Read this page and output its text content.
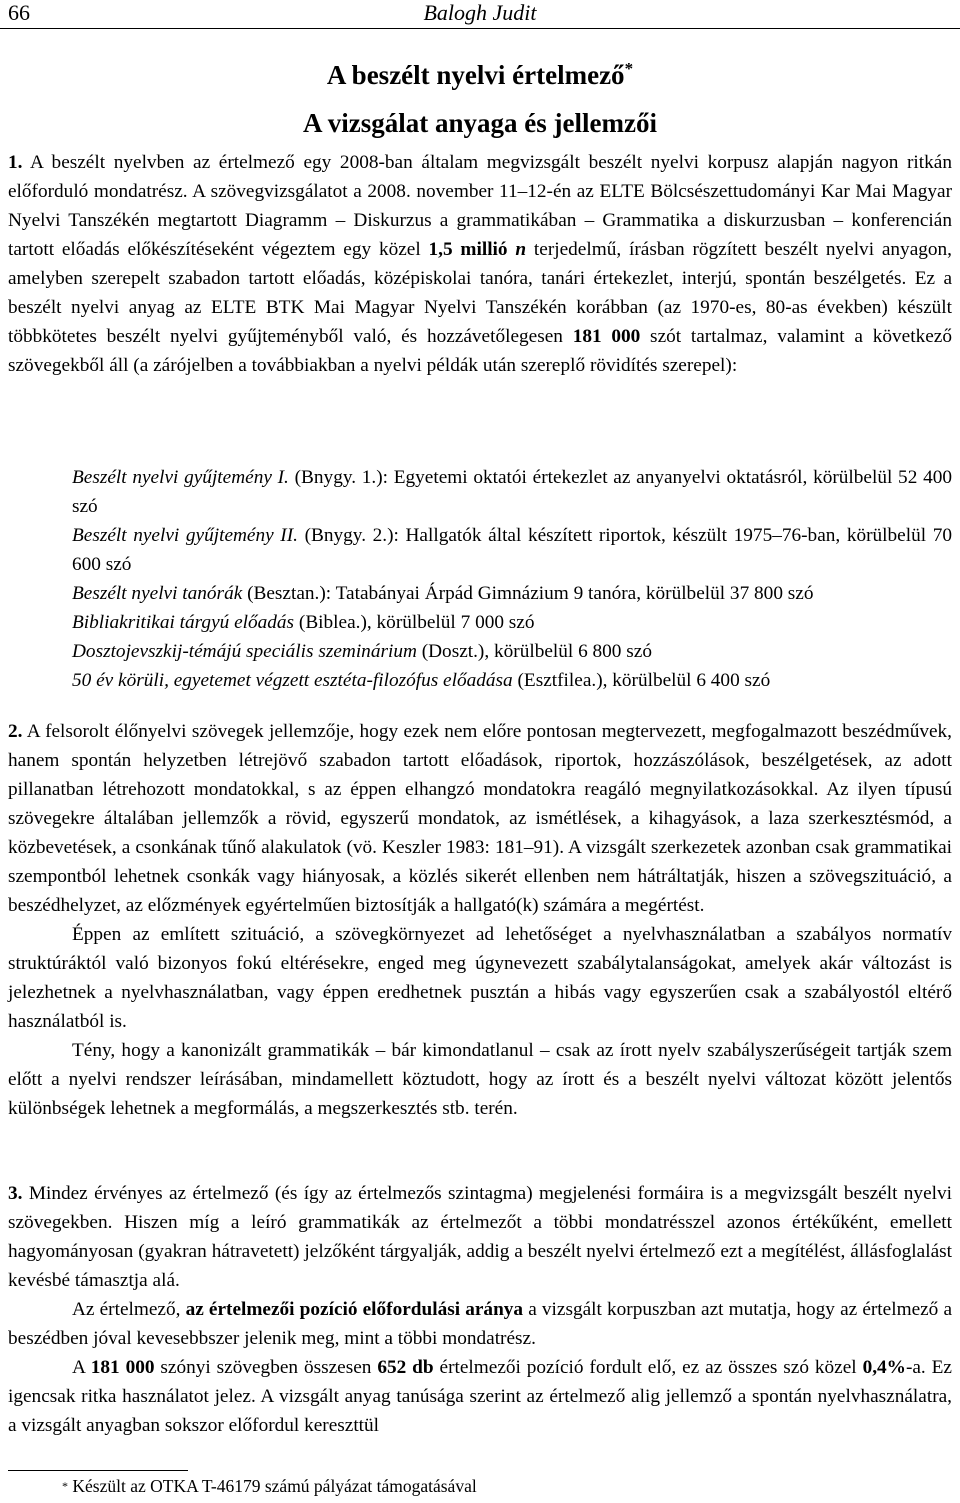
66	Balogh Judit
A beszélt nyelvi értelmező*
A vizsgálat anyaga és jellemzői

1. A beszélt nyelvben az értelmező egy 2008-ban általam megvizsgált beszélt nyelvi korpusz alapján nagyon ritkán előforduló mondatrész. A szövegvizsgálatot a 2008. november 11–12-én az ELTE Bölcsészettudományi Kar Mai Magyar Nyelvi Tanszékén megtartott Diagramm – Diskurzus a grammatikában – Grammatika a diskurzusban – konferencián tartott előadás előkészítéseként végeztem egy közel 1,5 millió n terjedelmű, írásban rögzített beszélt nyelvi anyagon, amelyben szerepelt szabadon tartott előadás, középiskolai tanóra, tanári értekezlet, interjú, spontán beszélgetés. Ez a beszélt nyelvi anyag az ELTE BTK Mai Magyar Nyelvi Tanszékén korábban (az 1970-es, 80-as években) készült többkötetes beszélt nyelvi gyűjteményből való, és hozzávetőlegesen 181 000 szót tartalmaz, valamint a következő szövegekből áll (a zárójelben a továbbiakban a nyelvi példák után szereplő rövidítés szerepel):

Beszélt nyelvi gyűjtemény I. (Bnygy. 1.): Egyetemi oktatói értekezlet az anyanyelvi oktatásról, körülbelül 52 400 szó

Beszélt nyelvi gyűjtemény II. (Bnygy. 2.): Hallgatók által készített riportok, készült 1975–76-ban, körülbelül 70 600 szó

Beszélt nyelvi tanórák (Besztan.): Tatabányai Árpád Gimnázium 9 tanóra, körülbelül 37 800 szó

Bibliakritikai tárgyú előadás (Biblea.), körülbelül 7 000 szó

Dosztojevszkij-témájú speciális szeminárium (Doszt.), körülbelül 6 800 szó

50 év körüli, egyetemet végzett esztéta-filozófus előadása (Esztfilea.), körülbelül 6 400 szó

2. A felsorolt élőnyelvi szövegek jellemzője, hogy ezek nem előre pontosan megtervezett, megfogalmazott beszédművek, hanem spontán helyzetben létrejövő szabadon tartott előadások, riportok, hozzászólások, beszélgetések, az adott pillanatban létrehozott mondatokkal, s az éppen elhangzó mondatokra reagáló megnyilatkozásokkal. Az ilyen típusú szövegekre általában jellemzők a rövid, egyszerű mondatok, az ismétlések, a kihagyások, a laza szerkesztésmód, a közbevetések, a csonkának tűnő alakulatok (vö. Keszler 1983: 181–91). A vizsgált szerkezetek azonban csak grammatikai szempontból lehetnek csonkák vagy hiányosak, a közlés sikerét ellenben nem hátráltatják, hiszen a szövegszituáció, a beszédhelyzet, az előzmények egyértelműen biztosítják a hallgató(k) számára a megértést.

Éppen az említett szituáció, a szövegkörnyezet ad lehetőséget a nyelvhasználatban a szabályos normatív struktúráktól való bizonyos fokú eltérésekre, enged meg úgynevezett szabálytalanságokat, amelyek akár változást is jelezhetnek a nyelvhasználatban, vagy éppen eredhetnek pusztán a hibás vagy egyszerűen csak a szabályostól eltérő használatból is.

Tény, hogy a kanonizált grammatikák – bár kimondatlanul – csak az írott nyelv szabályszerűségeit tartják szem előtt a nyelvi rendszer leírásában, mindamellett köztudott, hogy az írott és a beszélt nyelvi változat között jelentős különbségek lehetnek a megformálás, a megszerkesztés stb. terén.

3. Mindez érvényes az értelmező (és így az értelmezős szintagma) megjelenési formáira is a megvizsgált beszélt nyelvi szövegekben. Hiszen míg a leíró grammatikák az értelmezőt a többi mondatrésszel azonos értékűként, emellett hagyományosan (gyakran hátravetett) jelzőként tárgyalják, addig a beszélt nyelvi értelmező ezt a megítélést, állásfoglalást kevésbé támasztja alá.

Az értelmező, az értelmezői pozíció előfordulási aránya a vizsgált korpuszban azt mutatja, hogy az értelmező a beszédben jóval kevesebbszer jelenik meg, mint a többi mondatrész.

A 181 000 szónyi szövegben összesen 652 db értelmezői pozíció fordult elő, ez az összes szó közel 0,4%-a. Ez igencsak ritka használatot jelez. A vizsgált anyag tanúsága szerint az értelmező alig jellemző a spontán nyelvhasználatra, a vizsgált anyagban sokszor előfordul kereszttül

* Készült az OTKA T-46179 számú pályázat támogatásával
